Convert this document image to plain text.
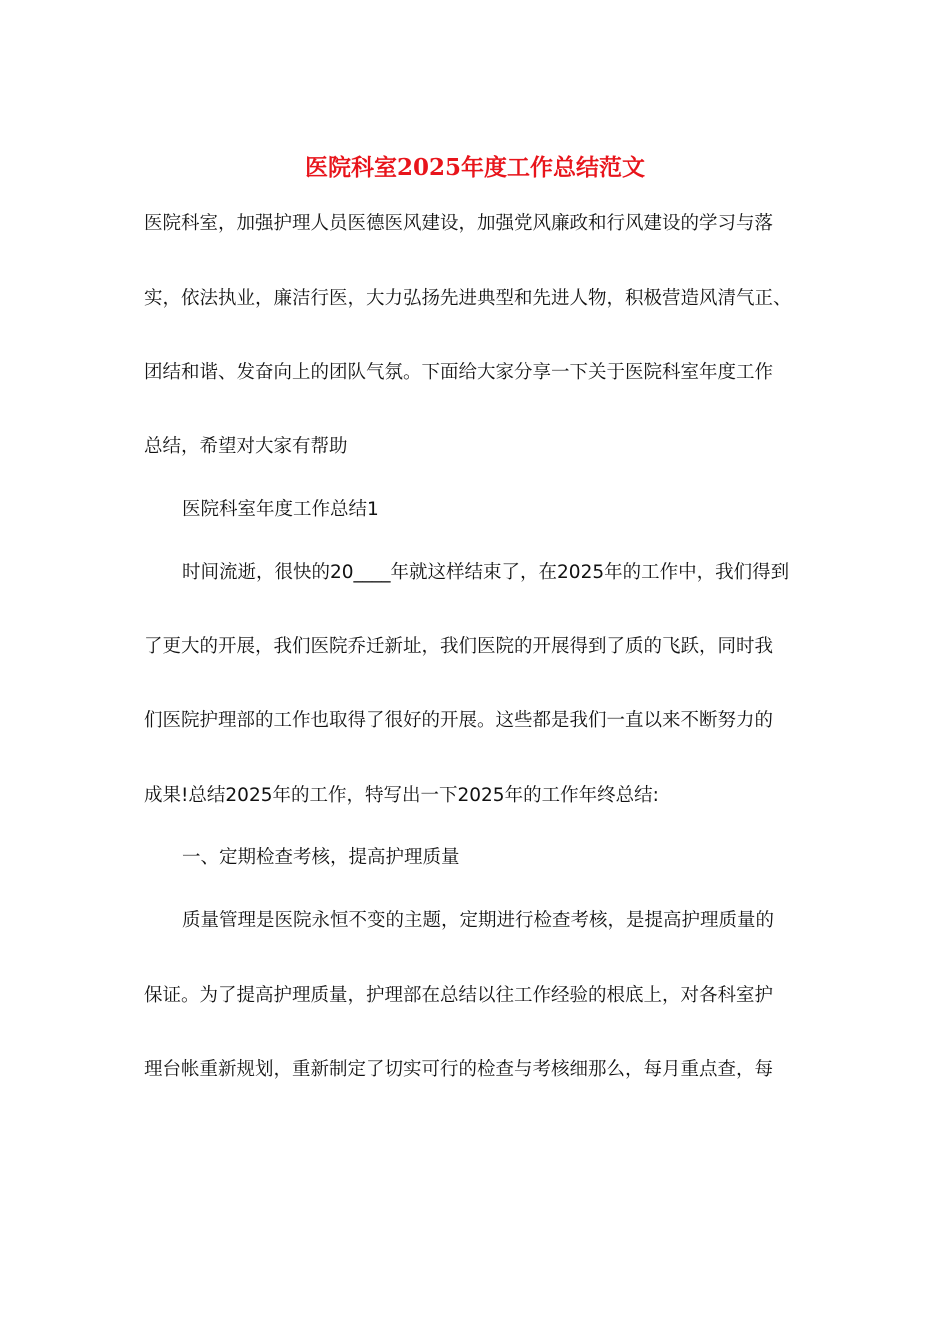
医院科室2025年度工作总结范文

医院科室，加强护理人员医德医风建设，加强党风廉政和行风建设的学习与落

实，依法执业，廉洁行医，大力弘扬先进典型和先进人物，积极营造风清气正、

团结和谐、发奋向上的团队气氛。下面给大家分享一下关于医院科室年度工作

总结，希望对大家有帮助

医院科室年度工作总结1

时间流逝，很快的20____年就这样结束了，在2025年的工作中，我们得到

了更大的开展，我们医院乔迁新址，我们医院的开展得到了质的飞跃，同时我

们医院护理部的工作也取得了很好的开展。这些都是我们一直以来不断努力的

成果!总结2025年的工作，特写出一下2025年的工作年终总结:

一、定期检查考核，提高护理质量

质量管理是医院永恒不变的主题，定期进行检查考核，是提高护理质量的

保证。为了提高护理质量，护理部在总结以往工作经验的根底上，对各科室护

理台帐重新规划，重新制定了切实可行的检查与考核细那么，每月重点查，每
